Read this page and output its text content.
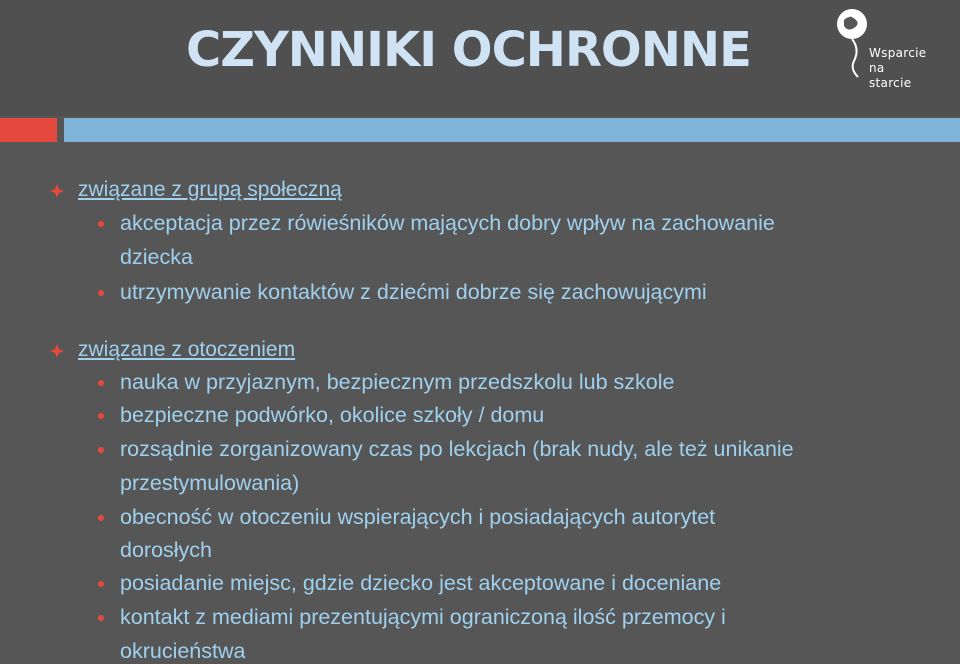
CZYNNIKI OCHRONNE	Wsparcie
na
starcie
związane z grupą społeczną
akceptacja przez rówieśników mających dobry wpływ na zachowanie
dziecka
utrzymywanie kontaktów z dziećmi dobrze się zachowującymi
związane z otoczeniem
nauka w przyjaznym, bezpiecznym przedszkolu lub szkole
bezpieczne podwórko, okolice szkoły / domu
rozsądnie zorganizowany czas po lekcjach (brak nudy, ale też unikanie
przestymulowania)
obecność w otoczeniu wspierających i posiadających autorytet
dorosłych
posiadanie miejsc, gdzie dziecko jest akceptowane i doceniane
kontakt z mediami prezentującymi ograniczoną ilość przemocy i
okrucieństwa
